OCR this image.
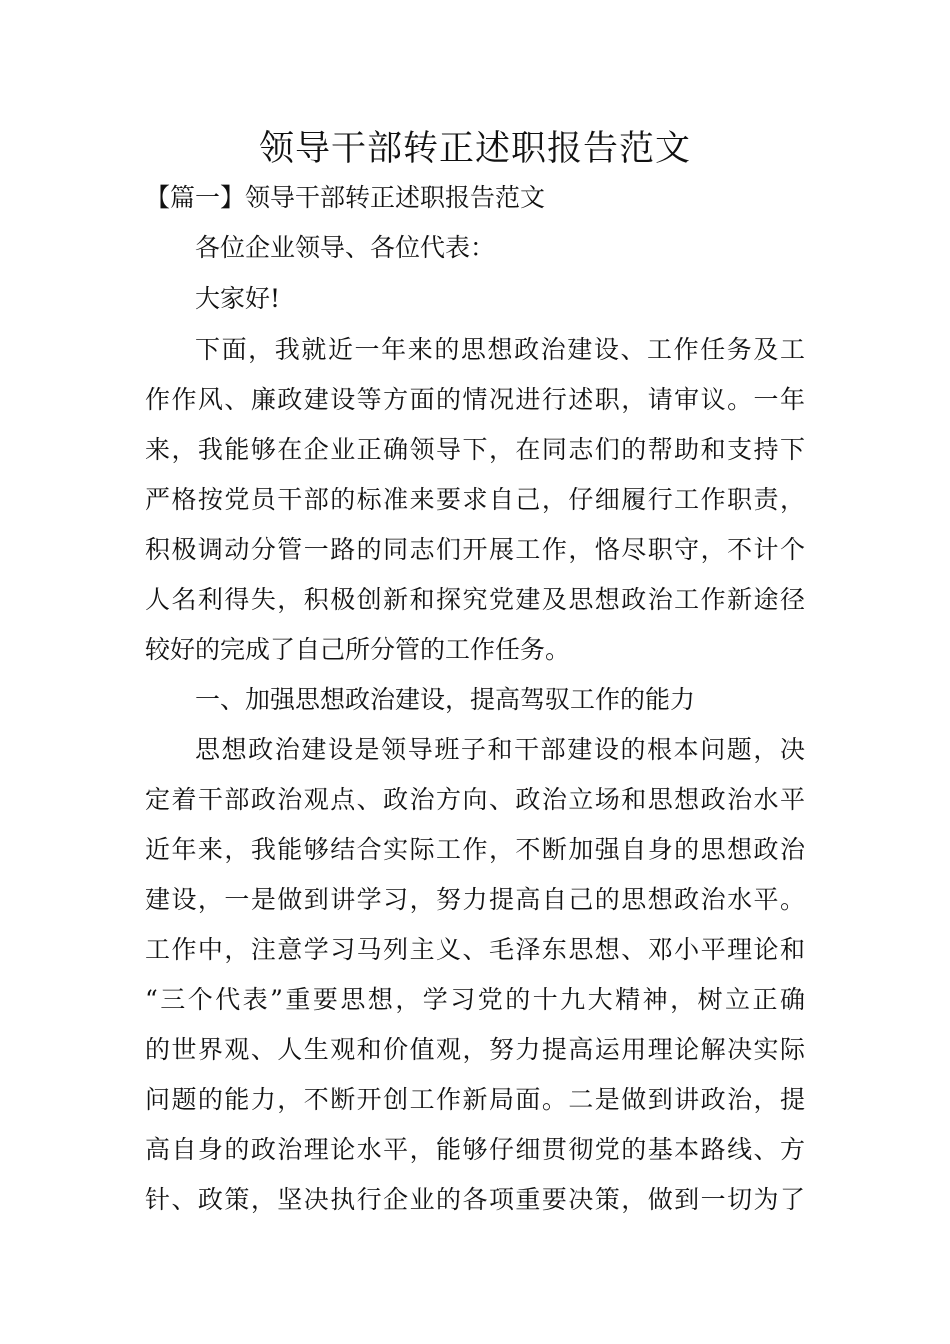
领导干部转正述职报告范文

【篇一】领导干部转正述职报告范文

各位企业领导、各位代表：

大家好!

下面，我就近一年来的思想政治建设、工作任务及工

作作风、廉政建设等方面的情况进行述职，请审议。一年

来，我能够在企业正确领导下，在同志们的帮助和支持下

严格按党员干部的标准来要求自己，仔细履行工作职责，

积极调动分管一路的同志们开展工作，恪尽职守，不计个

人名利得失，积极创新和探究党建及思想政治工作新途径

较好的完成了自己所分管的工作任务。

一、加强思想政治建设，提高驾驭工作的能力

思想政治建设是领导班子和干部建设的根本问题，决

定着干部政治观点、政治方向、政治立场和思想政治水平

近年来，我能够结合实际工作，不断加强自身的思想政治

建设，一是做到讲学习，努力提高自己的思想政治水平。

工作中，注意学习马列主义、毛泽东思想、邓小平理论和

“三个代表”重要思想，学习党的十九大精神，树立正确

的世界观、人生观和价值观，努力提高运用理论解决实际

问题的能力，不断开创工作新局面。二是做到讲政治，提

高自身的政治理论水平，能够仔细贯彻党的基本路线、方

针、政策，坚决执行企业的各项重要决策，做到一切为了
